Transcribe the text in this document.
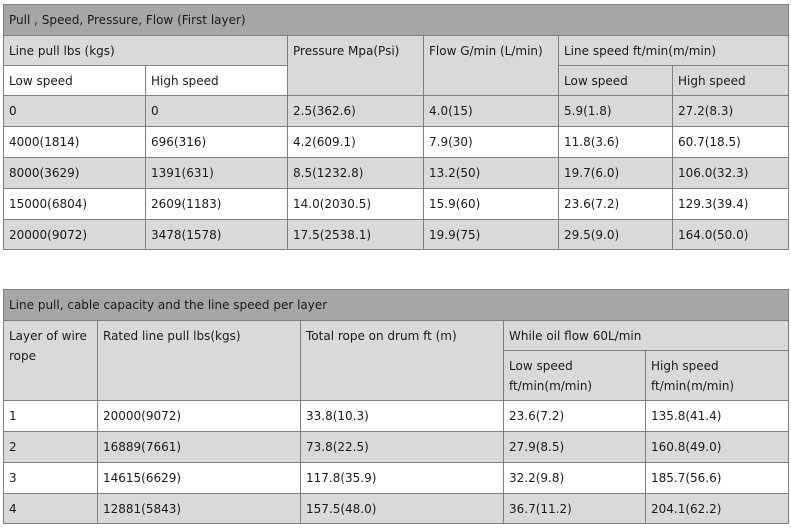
Pull , Speed, Pressure, Flow (First layer)					
Line pull lbs (kgs)		Pressure Mpa(Psi)	Flow G/min (L/min)	Line speed ft/min(m/min)	
Low speed	High speed			Low speed	High speed
0	0	2.5(362.6)	4.0(15)	5.9(1.8)	27.2(8.3)
4000(1814)	696(316)	4.2(609.1)	7.9(30)	11.8(3.6)	60.7(18.5)
8000(3629)	1391(631)	8.5(1232.8)	13.2(50)	19.7(6.0)	106.0(32.3)
15000(6804)	2609(1183)	14.0(2030.5)	15.9(60)	23.6(7.2)	129.3(39.4)
20000(9072)	3478(1578)	17.5(2538.1)	19.9(75)	29.5(9.0)	164.0(50.0)
Line pull, cable capacity and the line speed per layer				
Layer of wire rope	Rated line pull lbs(kgs)	Total rope on drum ft (m)	While oil flow 60L/min	
			Low speed ft/min(m/min)	High speed ft/min(m/min)
1	20000(9072)	33.8(10.3)	23.6(7.2)	135.8(41.4)
2	16889(7661)	73.8(22.5)	27.9(8.5)	160.8(49.0)
3	14615(6629)	117.8(35.9)	32.2(9.8)	185.7(56.6)
4	12881(5843)	157.5(48.0)	36.7(11.2)	204.1(62.2)
